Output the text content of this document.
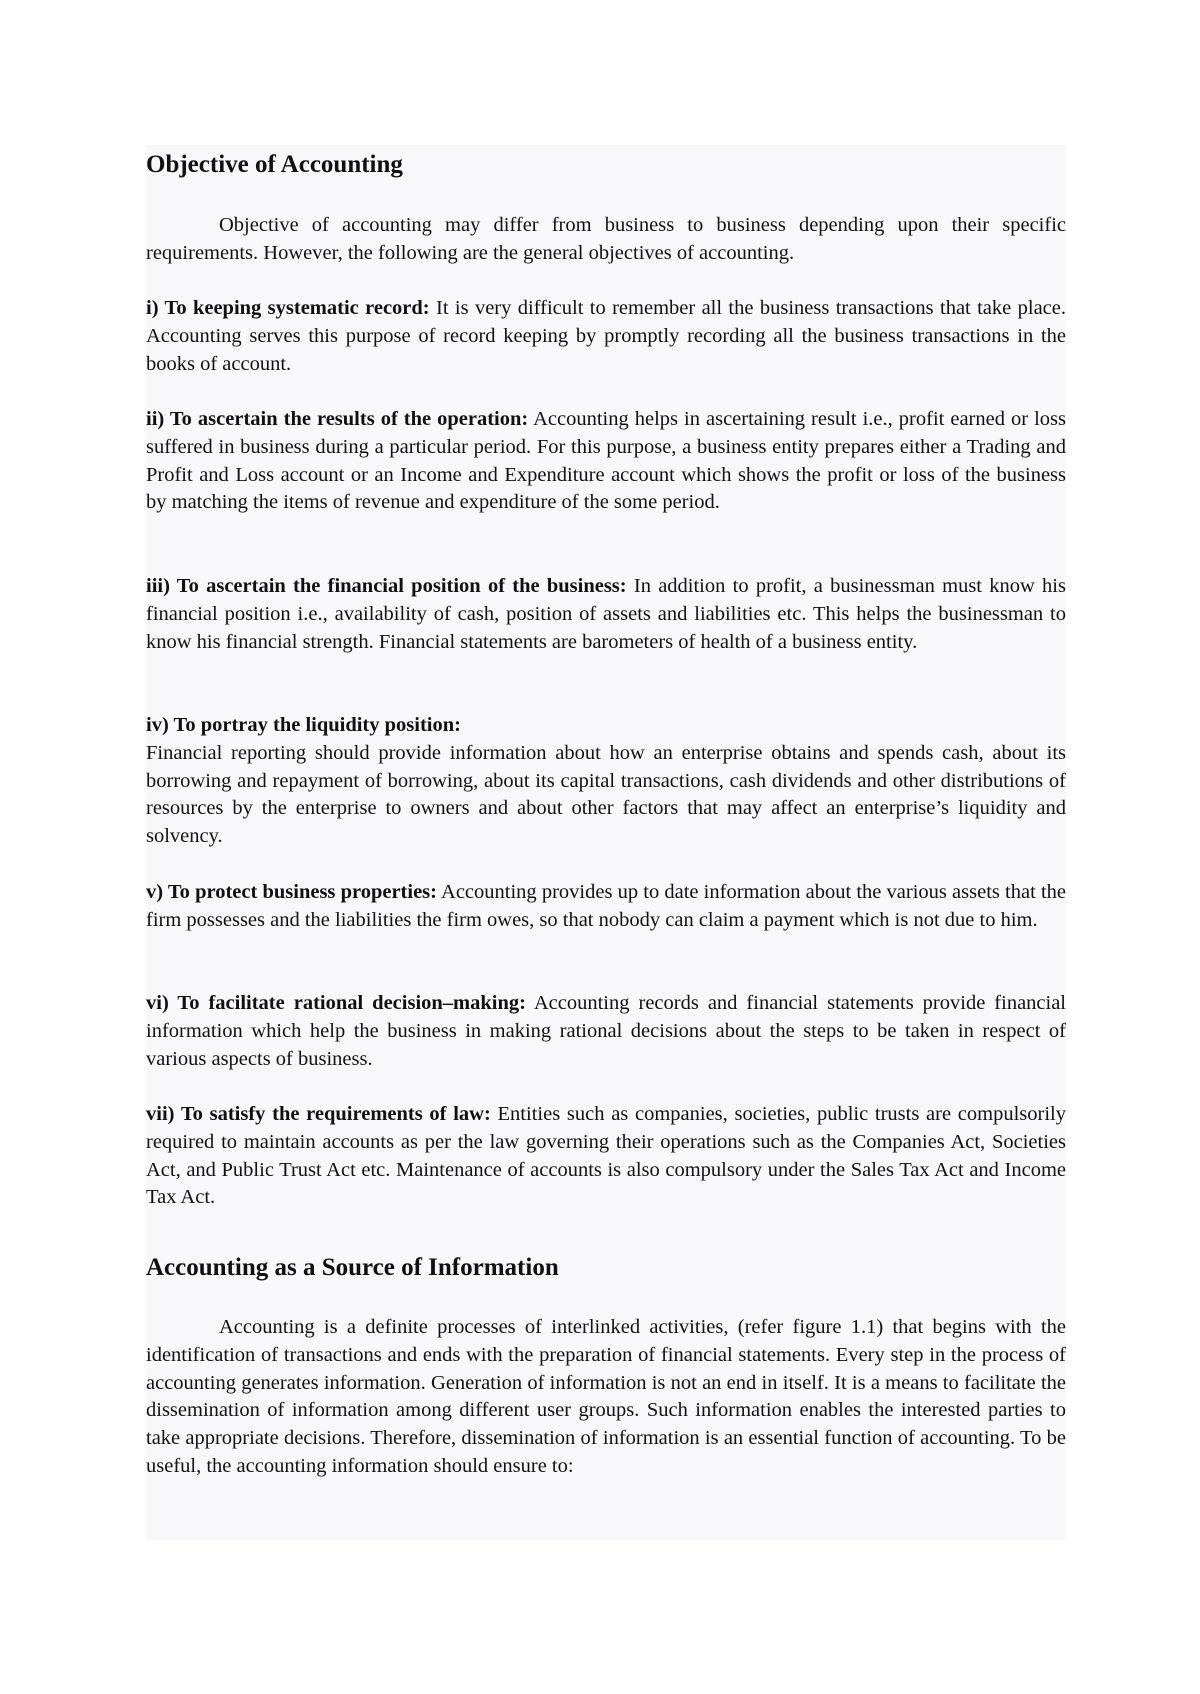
Objective of Accounting

Objective of accounting may differ from business to business depending upon their specific requirements. However, the following are the general objectives of accounting.

i) To keeping systematic record: It is very difficult to remember all the business transactions that take place. Accounting serves this purpose of record keeping by promptly recording all the business transactions in the books of account.

ii) To ascertain the results of the operation: Accounting helps in ascertaining result i.e., profit earned or loss suffered in business during a particular period. For this purpose, a business entity prepares either a Trading and Profit and Loss account or an Income and Expenditure account which shows the profit or loss of the business by matching the items of revenue and expenditure of the some period.

iii) To ascertain the financial position of the business: In addition to profit, a businessman must know his financial position i.e., availability of cash, position of assets and liabilities etc. This helps the businessman to know his financial strength. Financial statements are barometers of health of a business entity.

iv) To portray the liquidity position:
Financial reporting should provide information about how an enterprise obtains and spends cash, about its borrowing and repayment of borrowing, about its capital transactions, cash dividends and other distributions of resources by the enterprise to owners and about other factors that may affect an enterprise’s liquidity and solvency.

v) To protect business properties: Accounting provides up to date information about the various assets that the firm possesses and the liabilities the firm owes, so that nobody can claim a payment which is not due to him.

vi) To facilitate rational decision–making: Accounting records and financial statements provide financial information which help the business in making rational decisions about the steps to be taken in respect of various aspects of business.

vii) To satisfy the requirements of law: Entities such as companies, societies, public trusts are compulsorily required to maintain accounts as per the law governing their operations such as the Companies Act, Societies Act, and Public Trust Act etc. Maintenance of accounts is also compulsory under the Sales Tax Act and Income Tax Act.

Accounting as a Source of Information

Accounting is a definite processes of interlinked activities, (refer figure 1.1) that begins with the identification of transactions and ends with the preparation of financial statements. Every step in the process of accounting generates information. Generation of information is not an end in itself. It is a means to facilitate the dissemination of information among different user groups. Such information enables the interested parties to take appropriate decisions. Therefore, dissemination of information is an essential function of accounting. To be useful, the accounting information should ensure to:
